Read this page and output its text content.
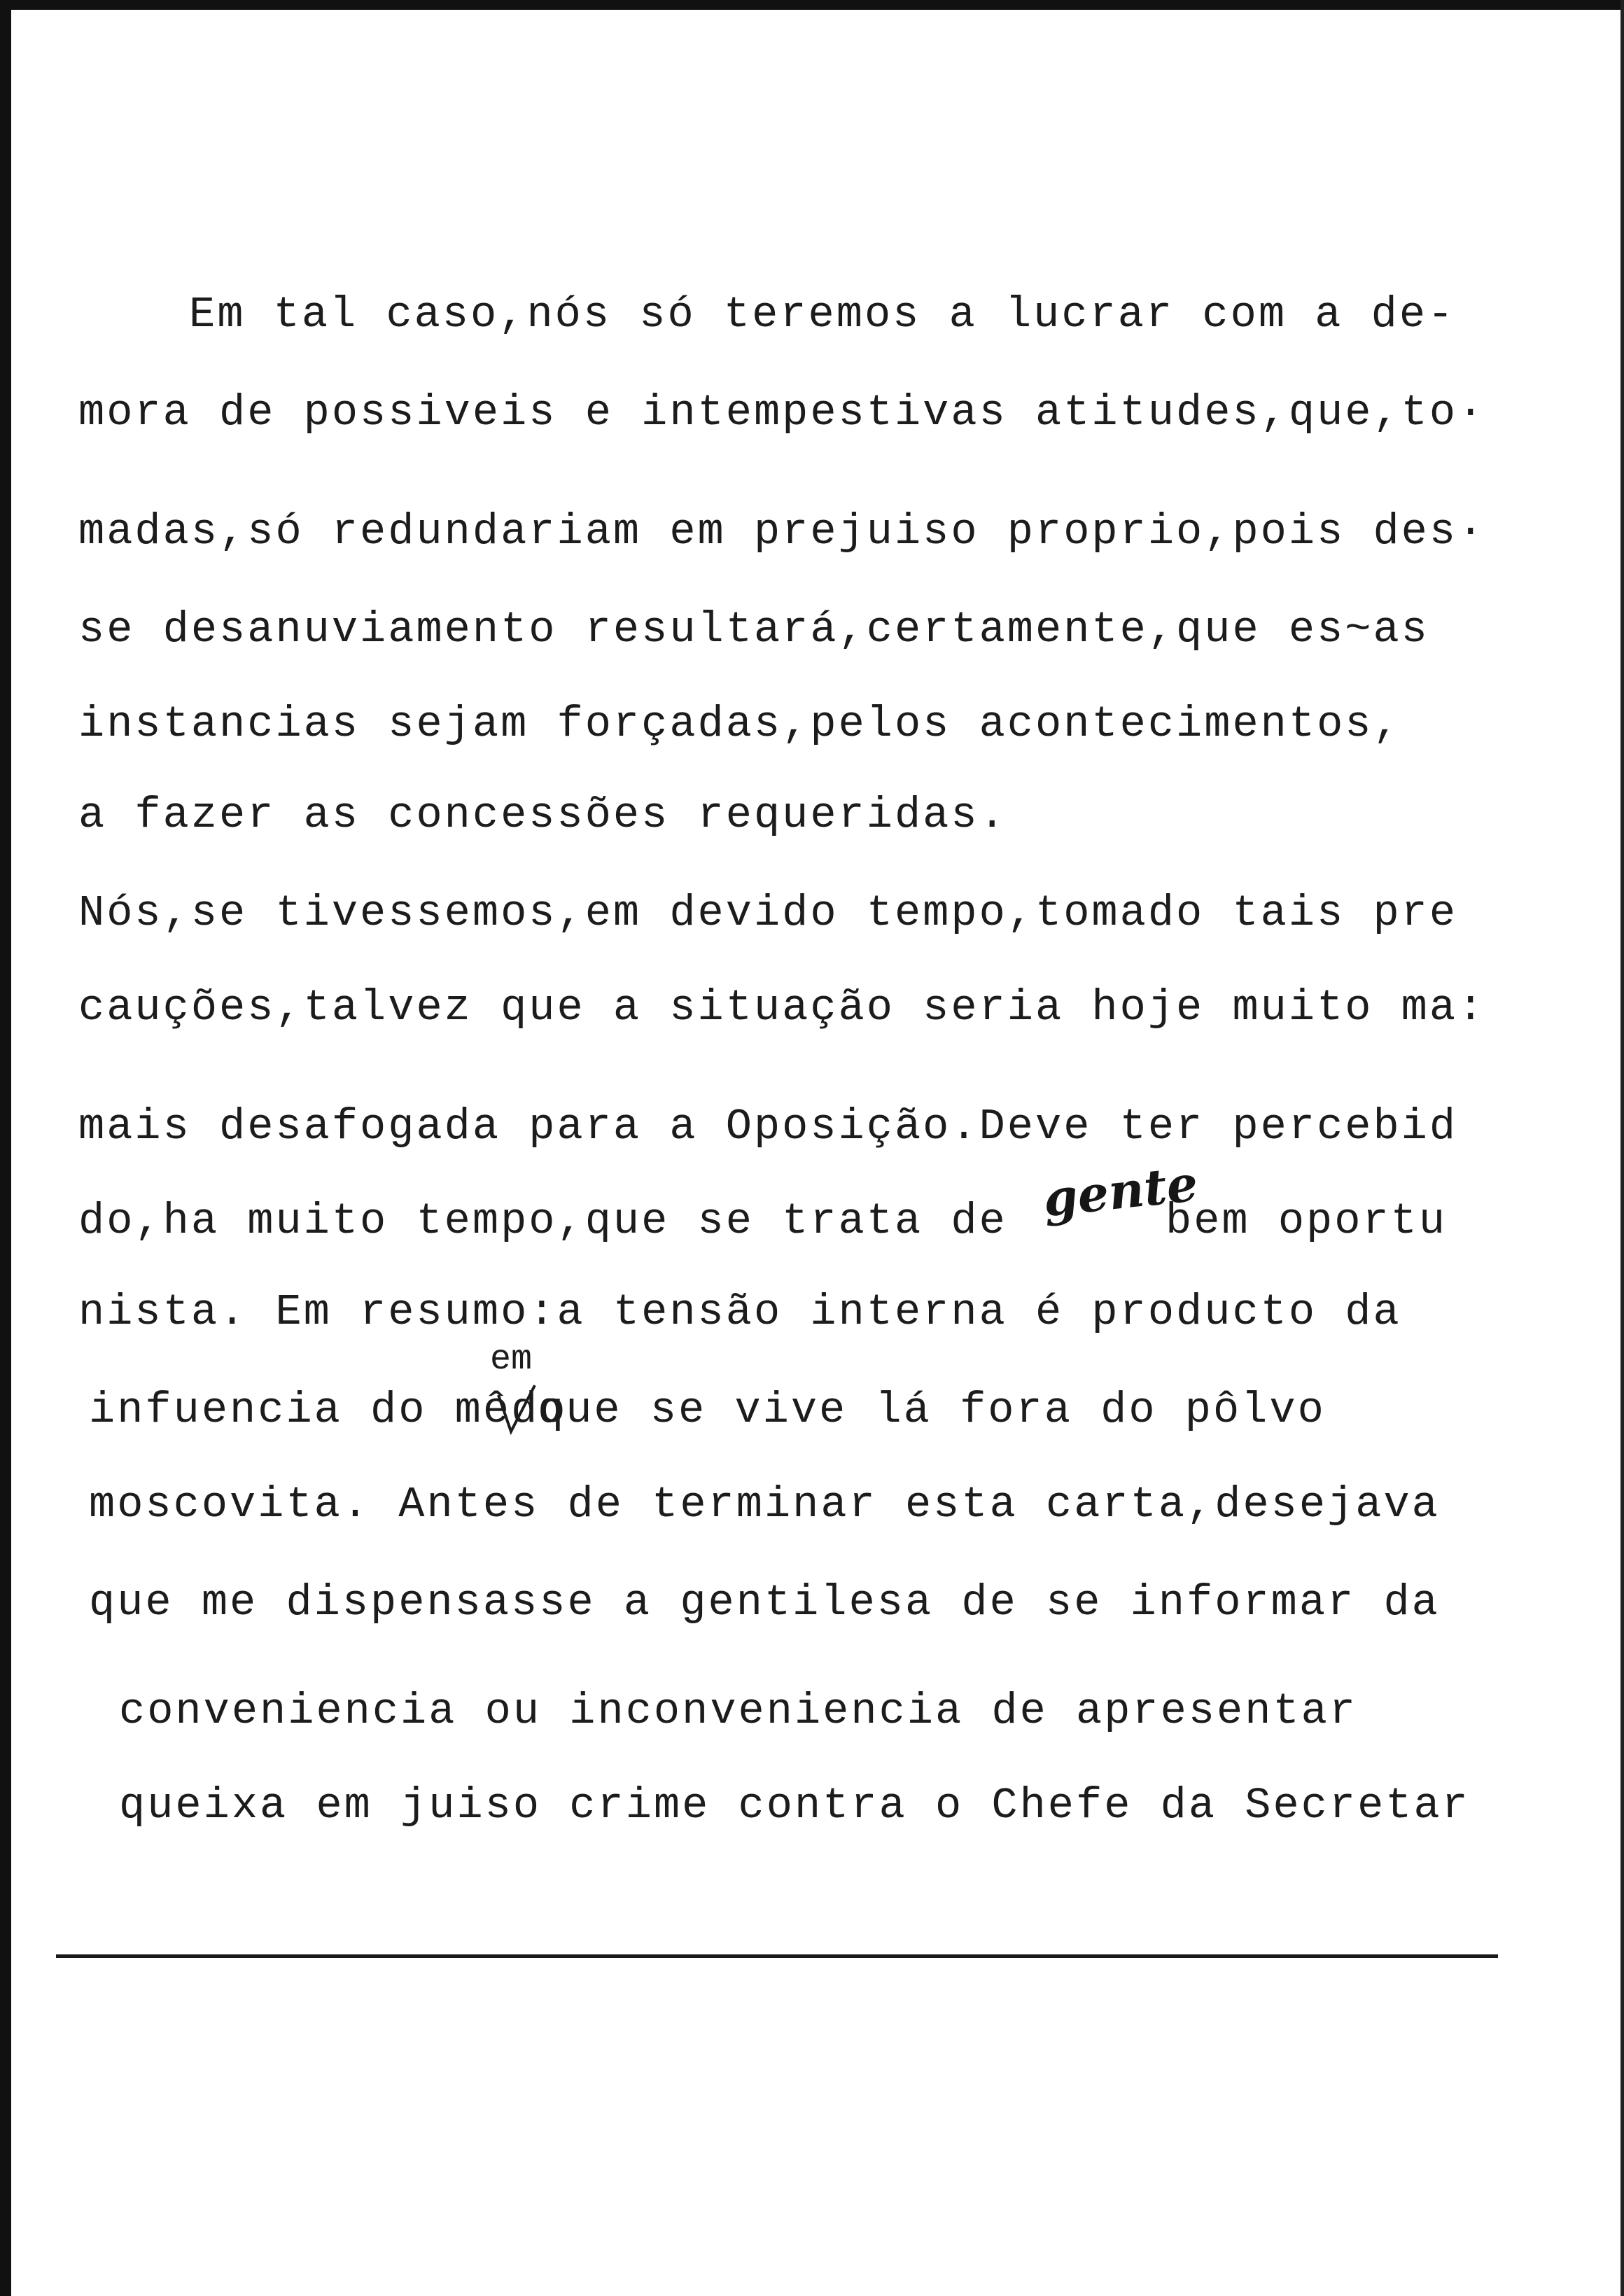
Em tal caso,nós só teremos a lucrar com a de-
mora de possiveis e intempestivas atitudes,que,to·
madas,só redundariam em prejuiso proprio,pois des·
se desanuviamento resultará,certamente,que es~as
instancias sejam forçadas,pelos acontecimentos,
a fazer as concessões requeridas.
Nós,se tivessemos,em devido tempo,tomado tais pre
cauções,talvez que a situação seria hoje muito ma:
mais desafogada para a Oposição.Deve ter percebid
do,ha muito tempo,que se trata de gente
bem oportu
nista. Em resumo:a tensão interna é producto da
em
infuencia do mêdo
que se vive lá fora do pôlvo
moscovita. Antes de terminar esta carta,desejava
que me dispensasse a gentilesa de se informar da
conveniencia ou inconveniencia de apresentar
queixa em juiso crime contra o Chefe da Secretar
